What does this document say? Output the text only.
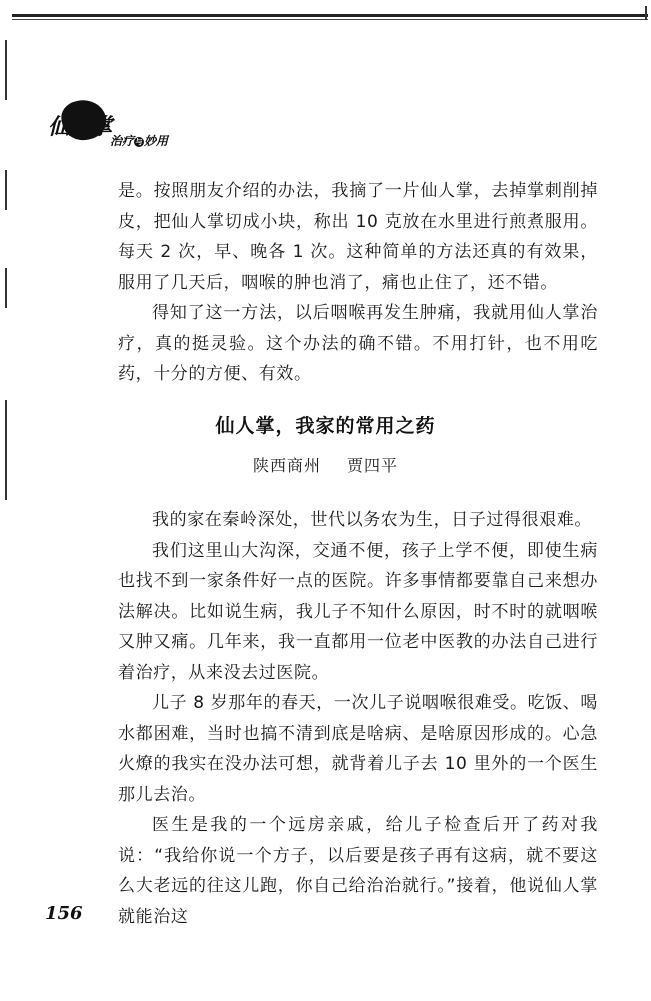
仙人掌
治疗 与 妙用

是。按照朋友介绍的办法，我摘了一片仙人掌，去掉掌刺削掉皮，把仙人掌切成小块，称出 10 克放在水里进行煎煮服用。每天 2 次，早、晚各 1 次。这种简单的方法还真的有效果，服用了几天后，咽喉的肿也消了，痛也止住了，还不错。

得知了这一方法，以后咽喉再发生肿痛，我就用仙人掌治疗，真的挺灵验。这个办法的确不错。不用打针，也不用吃药，十分的方便、有效。

仙人掌，我家的常用之药
陕西商州 贾四平

我的家在秦岭深处，世代以务农为生，日子过得很艰难。

我们这里山大沟深，交通不便，孩子上学不便，即使生病也找不到一家条件好一点的医院。许多事情都要靠自己来想办法解决。比如说生病，我儿子不知什么原因，时不时的就咽喉又肿又痛。几年来，我一直都用一位老中医教的办法自己进行着治疗，从来没去过医院。

儿子 8 岁那年的春天，一次儿子说咽喉很难受。吃饭、喝水都困难，当时也搞不清到底是啥病、是啥原因形成的。心急火燎的我实在没办法可想，就背着儿子去 10 里外的一个医生那儿去治。

医生是我的一个远房亲戚，给儿子检查后开了药对我说：“我给你说一个方子，以后要是孩子再有这病，就不要这么大老远的往这儿跑，你自己给治治就行。”接着，他说仙人掌就能治这

156
